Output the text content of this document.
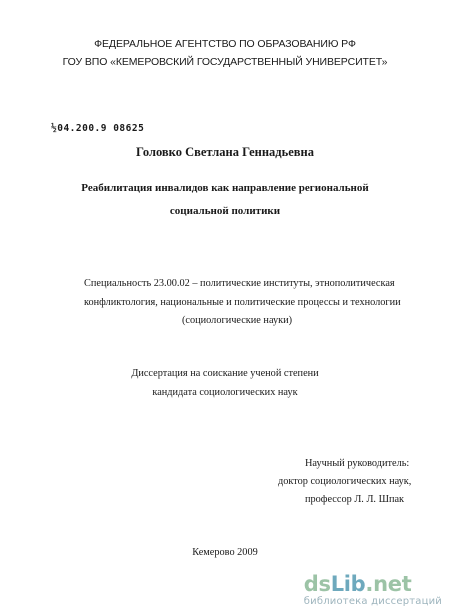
ФЕДЕРАЛЬНОЕ АГЕНТСТВО ПО ОБРАЗОВАНИЮ РФ
ГОУ ВПО «КЕМЕРОВСКИЙ ГОСУДАРСТВЕННЫЙ УНИВЕРСИТЕТ»
½04.200.9 08625
Головко Светлана Геннадьевна
Реабилитация инвалидов как направление региональной
социальной политики
Специальность 23.00.02 – политические институты, этнополитическая
конфликтология, национальные и политические процессы и технологии
(социологические науки)
Диссертация на соискание ученой степени
кандидата социологических наук
Научный руководитель:
доктор социологических наук,
профессор Л. Л. Шпак
Кемерово 2009
dsLib.net
библиотека диссертаций
